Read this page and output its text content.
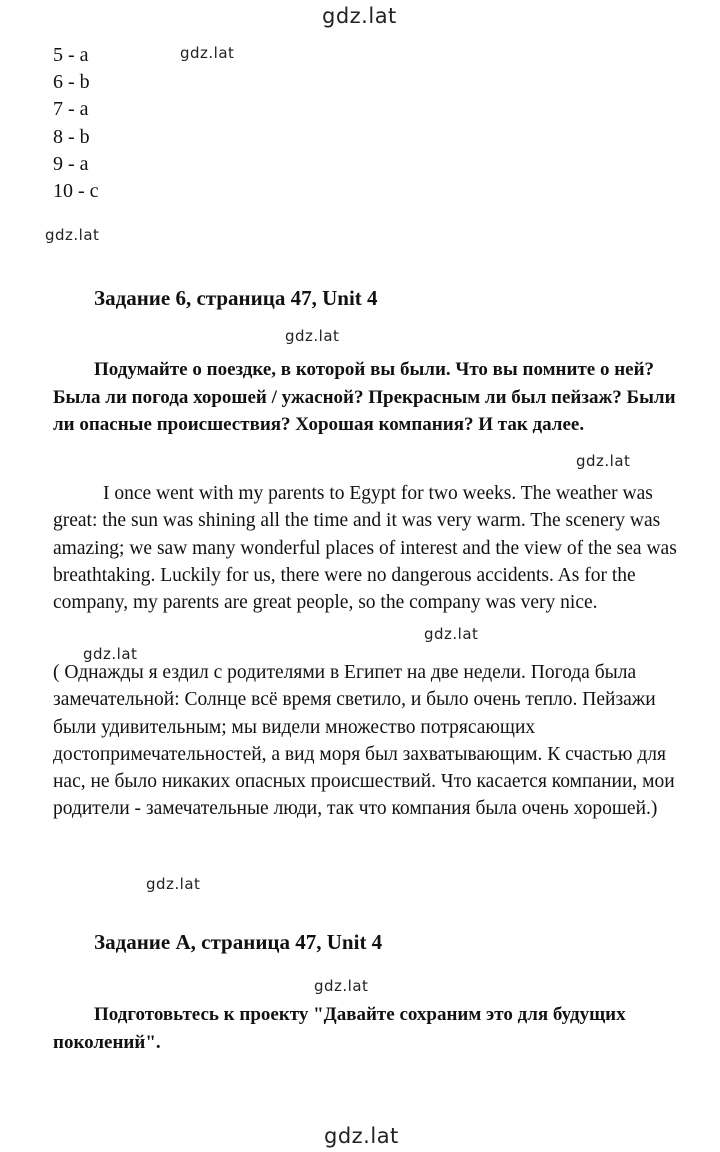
gdz.lat
gdz.lat
gdz.lat
gdz.lat
gdz.lat
gdz.lat
gdz.lat
gdz.lat
gdz.lat
gdz.lat
5 - a
6 - b
7 - a
8 - b
9 - a
10 - c
Задание 6, страница 47, Unit 4

Подумайте о поездке, в которой вы были. Что вы помните о ней? Была ли погода хорошей / ужасной? Прекрасным ли был пейзаж? Были ли опасные происшествия? Хорошая компания? И так далее.

I once went with my parents to Egypt for two weeks. The weather was great: the sun was shining all the time and it was very warm. The scenery was amazing; we saw many wonderful places of interest and the view of the sea was breathtaking. Luckily for us, there were no dangerous accidents. As for the company, my parents are great people, so the company was very nice.

( Однажды я ездил с родителями в Египет на две недели. Погода была замечательной: Солнце всё время светило, и было очень тепло. Пейзажи были удивительным; мы видели множество потрясающих достопримечательностей, а вид моря был захватывающим. К счастью для нас, не было никаких опасных происшествий. Что касается компании, мои родители - замечательные люди, так что компания была очень хорошей.)

Задание A, страница 47, Unit 4

Подготовьтесь к проекту "Давайте сохраним это для будущих поколений".
